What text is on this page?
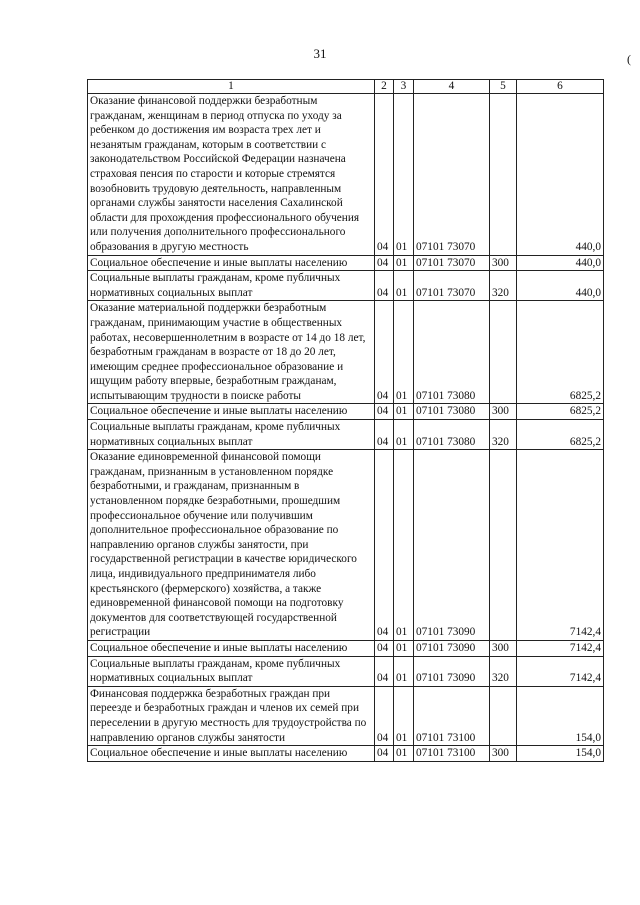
31	(
1	2	3	4	5	6
Оказание финансовой поддержки безработным гражданам, женщинам в период отпуска по уходу за ребенком до достижения им возраста трех лет и незанятым гражданам, которым в соответствии с законодательством Российской Федерации назначена страховая пенсия по старости и которые стремятся возобновить трудовую деятельность, направленным органами службы занятости населения Сахалинской области для прохождения профессионального обучения или получения дополнительного профессионального образования в другую местность	04	01	07101 73070		440,0
Социальное обеспечение и иные выплаты населению	04	01	07101 73070	300	440,0
Социальные выплаты гражданам, кроме публичных нормативных социальных выплат	04	01	07101 73070	320	440,0
Оказание материальной поддержки безработным гражданам, принимающим участие в общественных работах, несовершеннолетним в возрасте от 14 до 18 лет, безработным гражданам в возрасте от 18 до 20 лет, имеющим среднее профессиональное образование и ищущим работу впервые, безработным гражданам, испытывающим трудности в поиске работы	04	01	07101 73080		6825,2
Социальное обеспечение и иные выплаты населению	04	01	07101 73080	300	6825,2
Социальные выплаты гражданам, кроме публичных нормативных социальных выплат	04	01	07101 73080	320	6825,2
Оказание единовременной финансовой помощи гражданам, признанным в установленном порядке безработными, и гражданам, признанным в установленном порядке безработными, прошедшим профессиональное обучение или получившим дополнительное профессиональное образование по направлению органов службы занятости, при государственной регистрации в качестве юридического лица, индивидуального предпринимателя либо крестьянского (фермерского) хозяйства, а также единовременной финансовой помощи на подготовку документов для соответствующей государственной регистрации	04	01	07101 73090		7142,4
Социальное обеспечение и иные выплаты населению	04	01	07101 73090	300	7142,4
Социальные выплаты гражданам, кроме публичных нормативных социальных выплат	04	01	07101 73090	320	7142,4
Финансовая поддержка безработных граждан при переезде и безработных граждан и членов их семей при переселении в другую местность для трудоустройства по направлению органов службы занятости	04	01	07101 73100		154,0
Социальное обеспечение и иные выплаты населению	04	01	07101 73100	300	154,0
